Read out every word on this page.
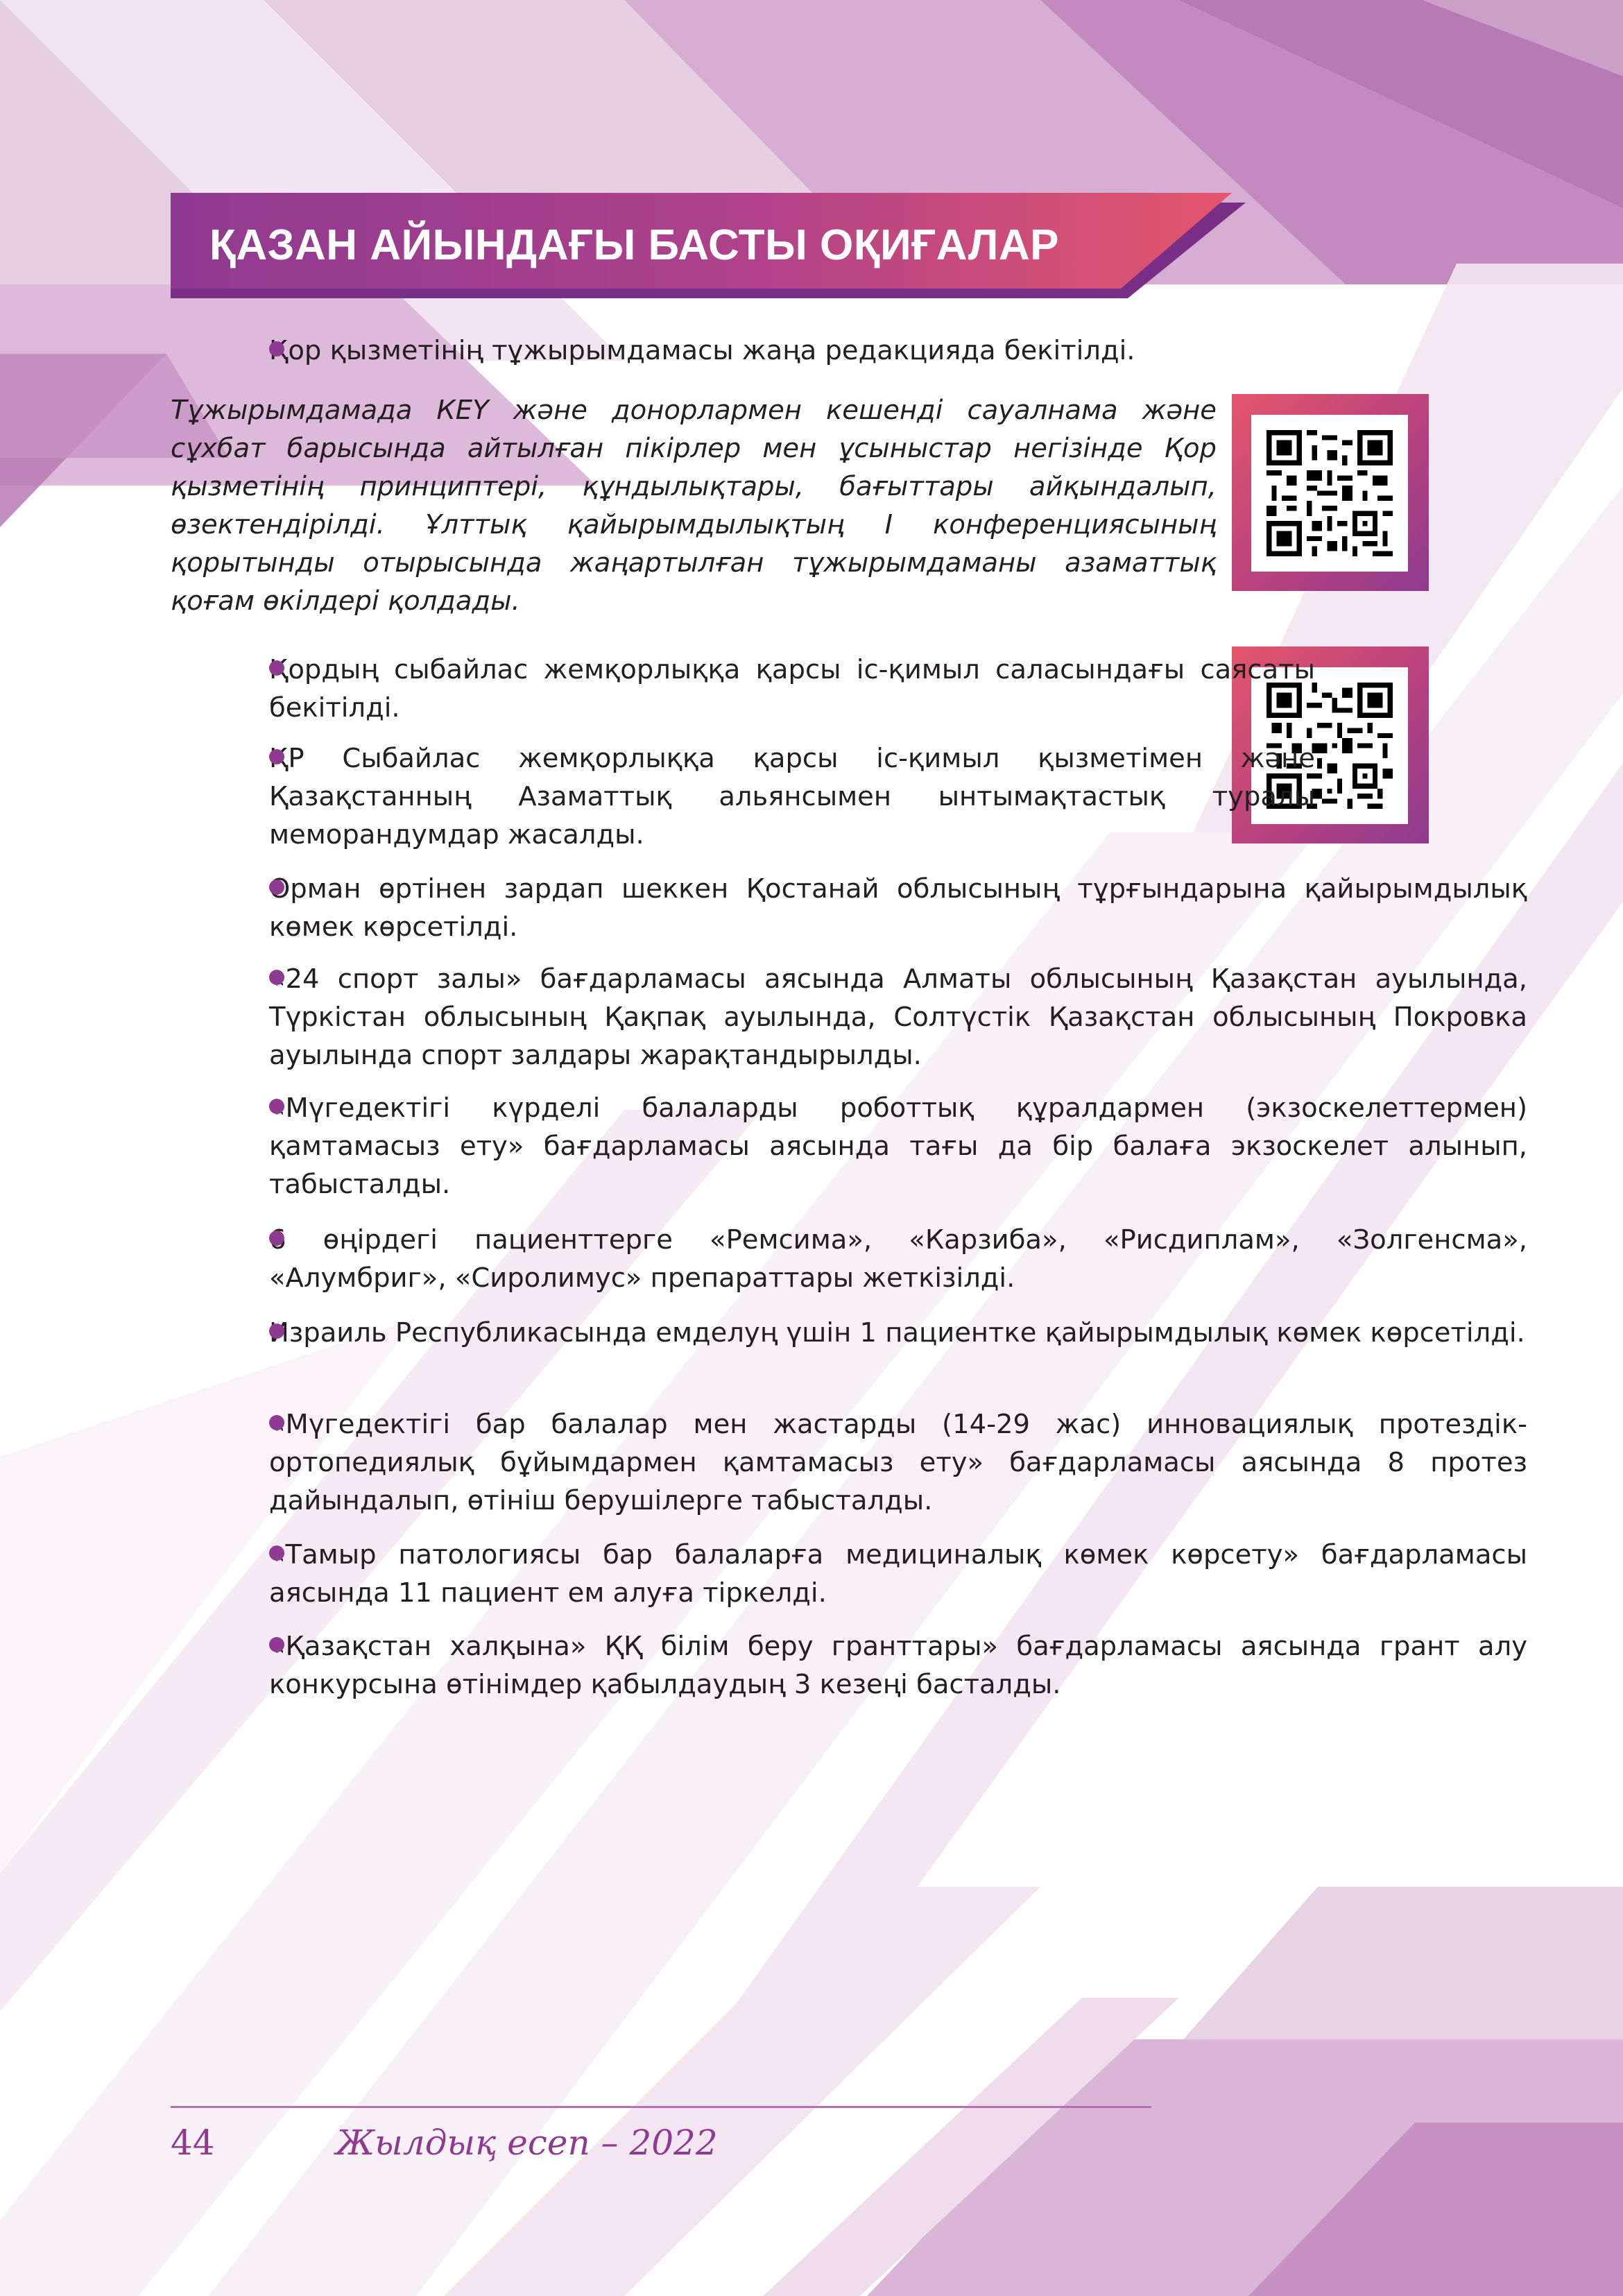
ҚАЗАН АЙЫНДАҒЫ БАСТЫ ОҚИҒАЛАР

Қор қызметінің тұжырымдамасы жаңа редакцияда бекітілді.

Тұжырымдамада КЕҮ және донорлармен кешенді сауалнама және сұхбат барысында айтылған пікірлер мен ұсыныстар негізінде Қор қызметінің принциптері, құндылықтары, бағыттары айқындалып, өзектендірілді. Ұлттық қайырымдылықтың I конференциясының қорытынды отырысында жаңартылған тұжырымдаманы азаматтық қоғам өкілдері қолдады.

Қордың сыбайлас жемқорлыққа қарсы іс-қимыл саласындағы саясаты бекітілді.

ҚР Сыбайлас жемқорлыққа қарсы іс-қимыл қызметімен және Қазақстанның Азаматтық альянсымен ынтымақтастық туралы меморандумдар жасалды.

Орман өртінен зардап шеккен Қостанай облысының тұрғындарына қайырымдылық көмек көрсетілді.

«24 спорт залы» бағдарламасы аясында Алматы облысының Қазақстан ауылында, Түркістан облысының Қақпақ ауылында, Солтүстік Қазақстан облысының Покровка ауылында спорт залдары жарақтандырылды.

«Мүгедектігі күрделі балаларды роботтық құралдармен (экзоскелеттермен) қамтамасыз ету» бағдарламасы аясында тағы да бір балаға экзоскелет алынып, табысталды.

6 өңірдегі пациенттерге «Ремсима», «Карзиба», «Рисдиплам», «Золгенсма», «Алумбриг», «Сиролимус» препараттары жеткізілді.

Израиль Республикасында емделуң үшін 1 пациентке қайырымдылық көмек көрсетілді.

«Мүгедектігі бар балалар мен жастарды (14-29 жас) инновациялық протездік-ортопедиялық бұйымдармен қамтамасыз ету» бағдарламасы аясында 8 протез дайындалып, өтініш берушілерге табысталды.

«Тамыр патологиясы бар балаларға медициналық көмек көрсету» бағдарламасы аясында 11 пациент ем алуға тіркелді.

«Қазақстан халқына» ҚҚ білім беру гранттары» бағдарламасы аясында грант алу конкурсына өтінімдер қабылдаудың 3 кезеңі басталды.

44	Жылдық есеп – 2022
